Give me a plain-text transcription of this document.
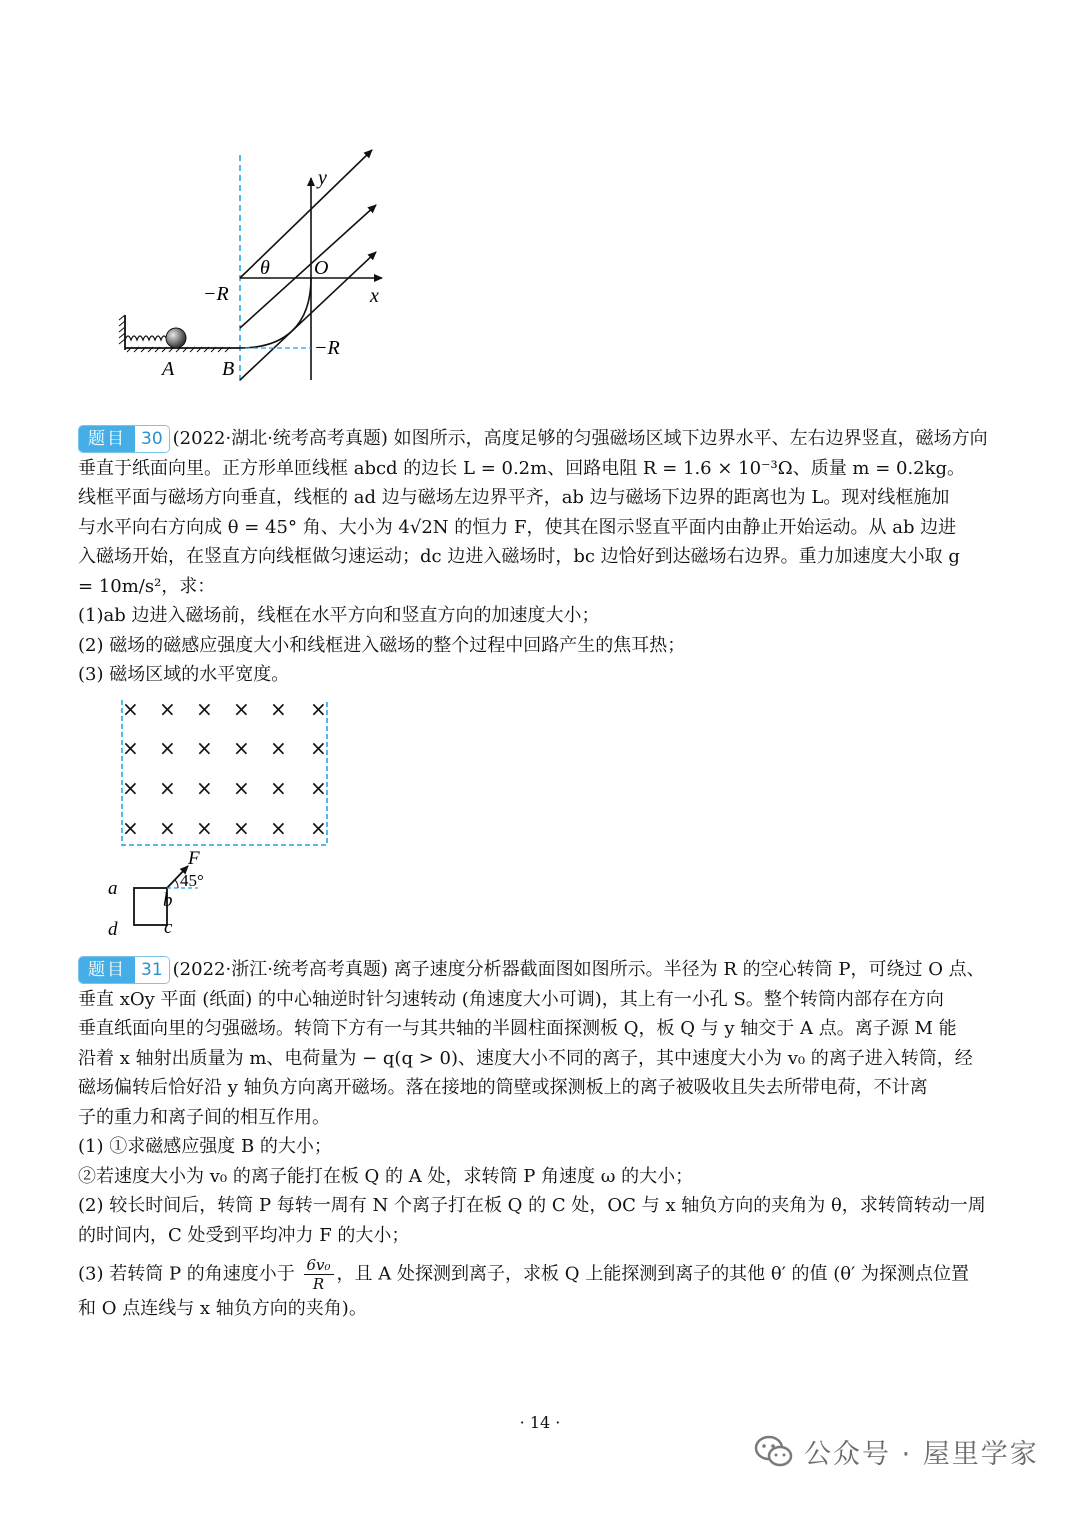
y
θ O
−R	x
−R
A B

题目 30 (2022·湖北·统考高考真题) 如图所示，高度足够的匀强磁场区域下边界水平、左右边界竖直，磁场方向

垂直于纸面向里。正方形单匝线框 abcd 的边长 L = 0.2m、回路电阻 R = 1.6 × 10⁻³Ω、质量 m = 0.2kg。

线框平面与磁场方向垂直，线框的 ad 边与磁场左边界平齐，ab 边与磁场下边界的距离也为 L。现对线框施加

与水平向右方向成 θ = 45° 角、大小为 4√2N 的恒力 F，使其在图示竖直平面内由静止开始运动。从 ab 边进

入磁场开始，在竖直方向线框做匀速运动；dc 边进入磁场时，bc 边恰好到达磁场右边界。重力加速度大小取 g

= 10m/s²，求：

(1)ab 边进入磁场前，线框在水平方向和竖直方向的加速度大小；

(2) 磁场的磁感应强度大小和线框进入磁场的整个过程中回路产生的焦耳热；

(3) 磁场区域的水平宽度。

× × × × × ×
× × × × × ×
× × × × × ×
× × × × × ×
F
45°
a
b
c
d

题目 31 (2022·浙江·统考高考真题) 离子速度分析器截面图如图所示。半径为 R 的空心转筒 P，可绕过 O 点、

垂直 xOy 平面 (纸面) 的中心轴逆时针匀速转动 (角速度大小可调)，其上有一小孔 S。整个转筒内部存在方向

垂直纸面向里的匀强磁场。转筒下方有一与其共轴的半圆柱面探测板 Q，板 Q 与 y 轴交于 A 点。离子源 M 能

沿着 x 轴射出质量为 m、电荷量为 − q(q > 0)、速度大小不同的离子，其中速度大小为 v₀ 的离子进入转筒，经

磁场偏转后恰好沿 y 轴负方向离开磁场。落在接地的筒壁或探测板上的离子被吸收且失去所带电荷，不计离

子的重力和离子间的相互作用。

(1) ①求磁感应强度 B 的大小；

②若速度大小为 v₀ 的离子能打在板 Q 的 A 处，求转筒 P 角速度 ω 的大小；

(2) 较长时间后，转筒 P 每转一周有 N 个离子打在板 Q 的 C 处，OC 与 x 轴负方向的夹角为 θ，求转筒转动一周

的时间内，C 处受到平均冲力 F 的大小；

(3) 若转筒 P 的角速度小于 $\frac{\text{6v₀}}{R}$ ，且 A 处探测到离子，求板 Q 上能探测到离子的其他 θ′ 的值 (θ′ 为探测点位置

和 O 点连线与 x 轴负方向的夹角)。

· 14 ·
公众号 · 屋里学家
